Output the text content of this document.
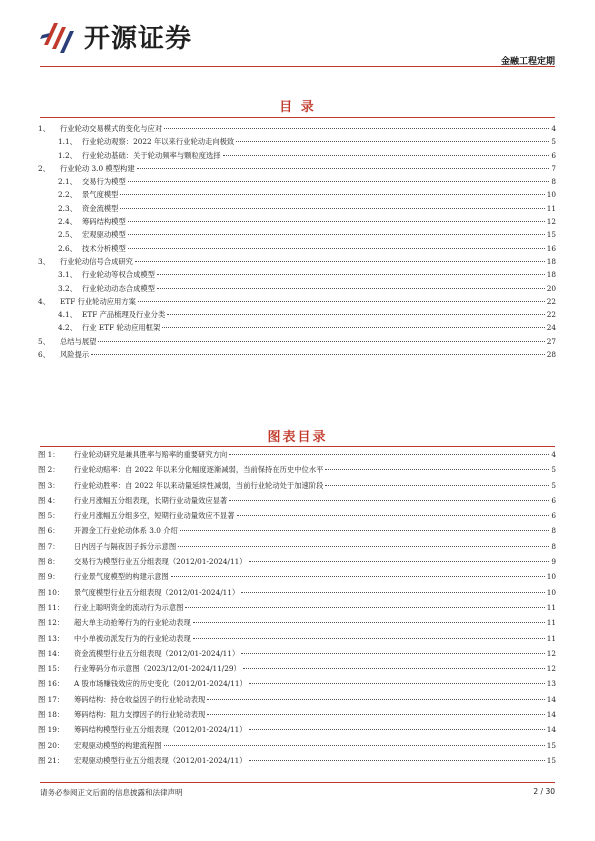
开源证券
金融工程定期
目 录
1、	行业轮动交易模式的变化与应对	4
1.1、 行业轮动观察：2022 年以来行业轮动走向极致	5
1.2、 行业轮动基础：关于轮动频率与颗粒度选择	6
2、	行业轮动 3.0 模型构建	7
2.1、 交易行为模型	8
2.2、 景气度模型	10
2.3、 资金流模型	11
2.4、 筹码结构模型	12
2.5、 宏观驱动模型	15
2.6、 技术分析模型	16
3、	行业轮动信号合成研究	18
3.1、 行业轮动等权合成模型	18
3.2、 行业轮动动态合成模型	20
4、	ETF 行业轮动应用方案	22
4.1、 ETF 产品梳理及行业分类	22
4.2、 行业 ETF 轮动应用框架	24
5、	总结与展望	27
6、	风险提示	28
图表目录
图 1：	行业轮动研究是兼具胜率与赔率的重要研究方向	4
图 2：	行业轮动赔率：自 2022 年以来分化幅度逐渐减弱，当前保持在历史中位水平	5
图 3：	行业轮动胜率：自 2022 年以来动量延续性减弱，当前行业轮动处于加速阶段	5
图 4：	行业月涨幅五分组表现，长期行业动量效应显著	6
图 5：	行业月涨幅五分组多空，短期行业动量效应不显著	6
图 6：	开源金工行业轮动体系 3.0 介绍	8
图 7：	日内因子与隔夜因子拆分示意图	8
图 8：	交易行为模型行业五分组表现（2012/01-2024/11）	9
图 9：	行业景气度模型的构建示意图	10
图 10：	景气度模型行业五分组表现（2012/01-2024/11）	10
图 11：	行业上聪明资金的流动行为示意图	11
图 12：	超大单主动抢筹行为的行业轮动表现	11
图 13：	中小单被动派发行为的行业轮动表现	11
图 14：	资金流模型行业五分组表现（2012/01-2024/11）	12
图 15：	行业筹码分布示意图（2023/12/01-2024/11/29）	12
图 16：	A 股市场赚钱效应的历史变化（2012/01-2024/11）	13
图 17：	筹码结构：持仓收益因子的行业轮动表现	14
图 18：	筹码结构：阻力支撑因子的行业轮动表现	14
图 19：	筹码结构模型行业五分组表现（2012/01-2024/11）	14
图 20：	宏观驱动模型的构建流程图	15
图 21：	宏观驱动模型行业五分组表现（2012/01-2024/11）	15
请务必参阅正文后面的信息披露和法律声明	2 / 30
